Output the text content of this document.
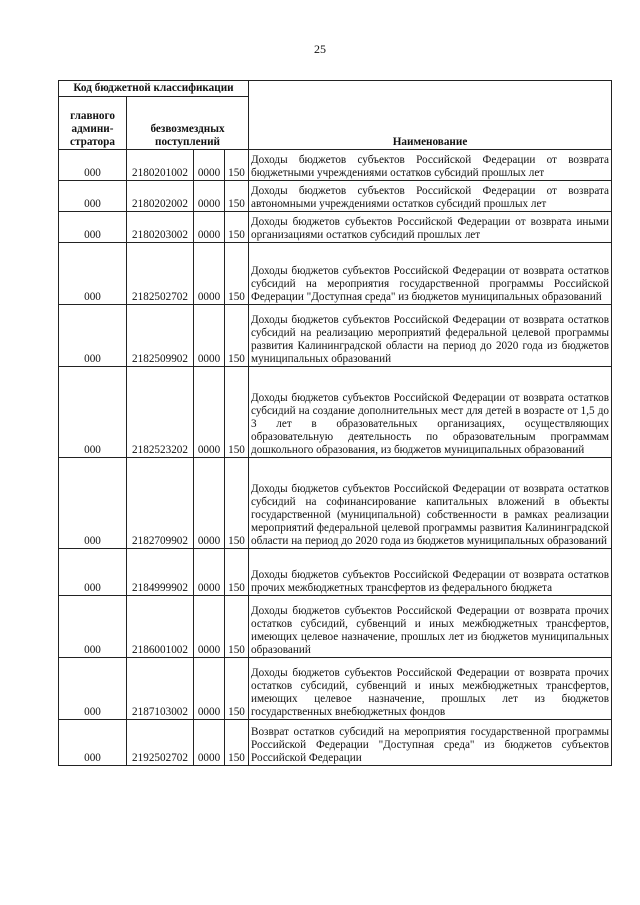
25
Код бюджетной классификации				Наименование
главного админи-стратора	безвозмездных поступлений			
000	2180201002	0000	150	Доходы бюджетов субъектов Российской Федерации от возврата бюджетными учреждениями остатков субсидий прошлых лет
000	2180202002	0000	150	Доходы бюджетов субъектов Российской Федерации от возврата автономными учреждениями остатков субсидий прошлых лет
000	2180203002	0000	150	Доходы бюджетов субъектов Российской Федерации от возврата иными организациями остатков субсидий прошлых лет
000	2182502702	0000	150	Доходы бюджетов субъектов Российской Федерации от возврата остатков субсидий на мероприятия государственной программы Российской Федерации "Доступная среда" из бюджетов муниципальных образований
000	2182509902	0000	150	Доходы бюджетов субъектов Российской Федерации от возврата остатков субсидий на реализацию мероприятий федеральной целевой программы развития Калининградской области на период до 2020 года из бюджетов муниципальных образований
000	2182523202	0000	150	Доходы бюджетов субъектов Российской Федерации от возврата остатков субсидий на создание дополнительных мест для детей в возрасте от 1,5 до 3 лет в образовательных организациях, осуществляющих образовательную деятельность по образовательным программам дошкольного образования, из бюджетов муниципальных образований
000	2182709902	0000	150	Доходы бюджетов субъектов Российской Федерации от возврата остатков субсидий на софинансирование капитальных вложений в объекты государственной (муниципальной) собственности в рамках реализации мероприятий федеральной целевой программы развития Калининградской области на период до 2020 года из бюджетов муниципальных образований
000	2184999902	0000	150	Доходы бюджетов субъектов Российской Федерации от возврата остатков прочих межбюджетных трансфертов из федерального бюджета
000	2186001002	0000	150	Доходы бюджетов субъектов Российской Федерации от возврата прочих остатков субсидий, субвенций и иных межбюджетных трансфертов, имеющих целевое назначение, прошлых лет из бюджетов муниципальных образований
000	2187103002	0000	150	Доходы бюджетов субъектов Российской Федерации от возврата прочих остатков субсидий, субвенций и иных межбюджетных трансфертов, имеющих целевое назначение, прошлых лет из бюджетов государственных внебюджетных фондов
000	2192502702	0000	150	Возврат остатков субсидий на мероприятия государственной программы Российской Федерации "Доступная среда" из бюджетов субъектов Российской Федерации
